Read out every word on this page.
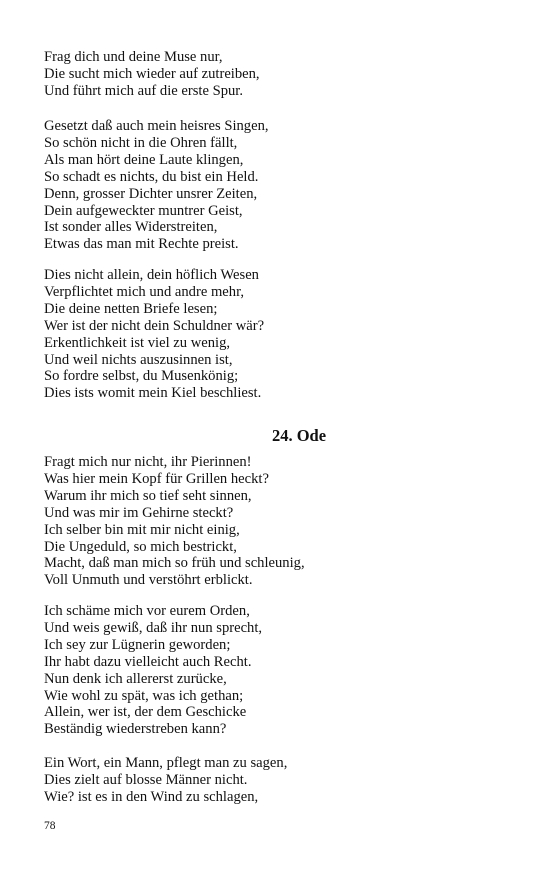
Frag dich und deine Muse nur,
Die sucht mich wieder auf zutreiben,
Und führt mich auf die erste Spur.
Gesetzt daß auch mein heisres Singen,
So schön nicht in die Ohren fällt,
Als man hört deine Laute klingen,
So schadt es nichts, du bist ein Held.
Denn, grosser Dichter unsrer Zeiten,
Dein aufgeweckter muntrer Geist,
Ist sonder alles Widerstreiten,
Etwas das man mit Rechte preist.
Dies nicht allein, dein höflich Wesen
Verpflichtet mich und andre mehr,
Die deine netten Briefe lesen;
Wer ist der nicht dein Schuldner wär?
Erkentlichkeit ist viel zu wenig,
Und weil nichts auszusinnen ist,
So fordre selbst, du Musenkönig;
Dies ists womit mein Kiel beschliest.
24. Ode
Fragt mich nur nicht, ihr Pierinnen!
Was hier mein Kopf für Grillen heckt?
Warum ihr mich so tief seht sinnen,
Und was mir im Gehirne steckt?
Ich selber bin mit mir nicht einig,
Die Ungeduld, so mich bestrickt,
Macht, daß man mich so früh und schleunig,
Voll Unmuth und verstöhrt erblickt.
Ich schäme mich vor eurem Orden,
Und weis gewiß, daß ihr nun sprecht,
Ich sey zur Lügnerin geworden;
Ihr habt dazu vielleicht auch Recht.
Nun denk ich allererst zurücke,
Wie wohl zu spät, was ich gethan;
Allein, wer ist, der dem Geschicke
Beständig wiederstreben kann?
Ein Wort, ein Mann, pflegt man zu sagen,
Dies zielt auf blosse Männer nicht.
Wie? ist es in den Wind zu schlagen,
78
